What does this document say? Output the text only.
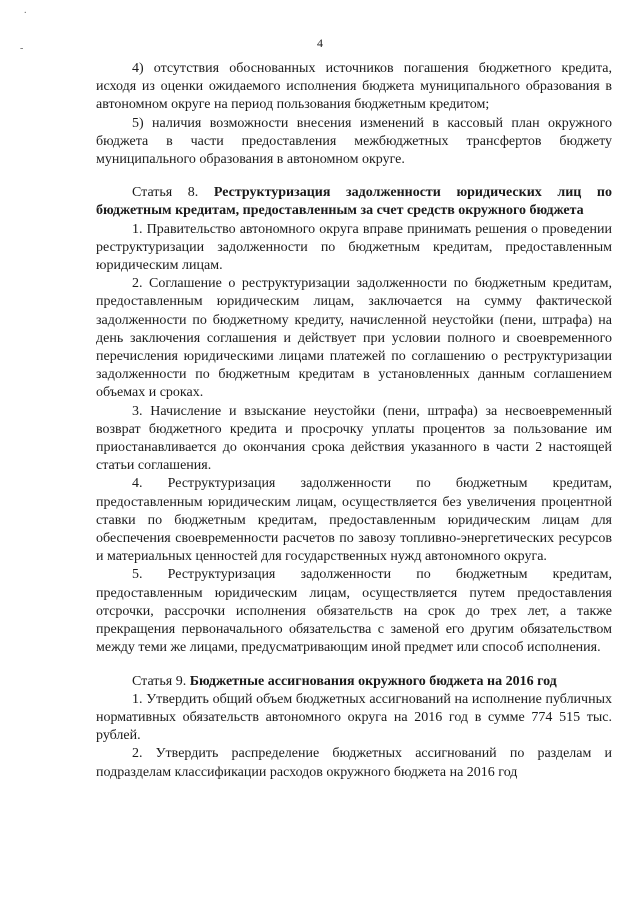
.
-	4

4) отсутствия обоснованных источников погашения бюджетного кредита, исходя из оценки ожидаемого исполнения бюджета муниципального образования в автономном округе на период пользования бюджетным кредитом;

5) наличия возможности внесения изменений в кассовый план окружного бюджета в части предоставления межбюджетных трансфертов бюджету муниципального образования в автономном округе.

Статья 8. Реструктуризация задолженности юридических лиц по бюджетным кредитам, предоставленным за счет средств окружного бюджета

1. Правительство автономного округа вправе принимать решения о проведении реструктуризации задолженности по бюджетным кредитам, предоставленным юридическим лицам.

2. Соглашение о реструктуризации задолженности по бюджетным кредитам, предоставленным юридическим лицам, заключается на сумму фактической задолженности по бюджетному кредиту, начисленной неустойки (пени, штрафа) на день заключения соглашения и действует при условии полного и своевременного перечисления юридическими лицами платежей по соглашению о реструктуризации задолженности по бюджетным кредитам в установленных данным соглашением объемах и сроках.

3. Начисление и взыскание неустойки (пени, штрафа) за несвоевременный возврат бюджетного кредита и просрочку уплаты процентов за пользование им приостанавливается до окончания срока действия указанного в части 2 настоящей статьи соглашения.

4. Реструктуризация задолженности по бюджетным кредитам, предоставленным юридическим лицам, осуществляется без увеличения процентной ставки по бюджетным кредитам, предоставленным юридическим лицам для обеспечения своевременности расчетов по завозу топливно-энергетических ресурсов и материальных ценностей для государственных нужд автономного округа.

5. Реструктуризация задолженности по бюджетным кредитам, предоставленным юридическим лицам, осуществляется путем предоставления отсрочки, рассрочки исполнения обязательств на срок до трех лет, а также прекращения первоначального обязательства с заменой его другим обязательством между теми же лицами, предусматривающим иной предмет или способ исполнения.

Статья 9. Бюджетные ассигнования окружного бюджета на 2016 год

1. Утвердить общий объем бюджетных ассигнований на исполнение публичных нормативных обязательств автономного округа на 2016 год в сумме 774 515 тыс. рублей.

2. Утвердить распределение бюджетных ассигнований по разделам и подразделам классификации расходов окружного бюджета на 2016 год
